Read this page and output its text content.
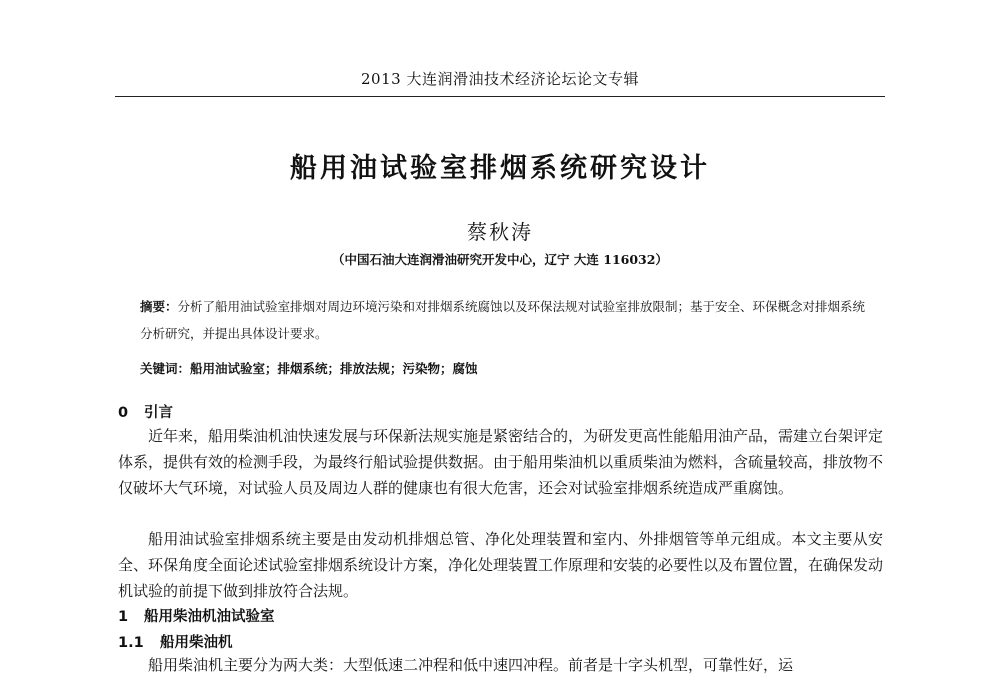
2013 大连润滑油技术经济论坛论文专辑
船用油试验室排烟系统研究设计
蔡秋涛
（中国石油大连润滑油研究开发中心，辽宁 大连 116032）
摘要：分析了船用油试验室排烟对周边环境污染和对排烟系统腐蚀以及环保法规对试验室排放限制；基于安全、环保概念对排烟系统分析研究，并提出具体设计要求。
关键词：船用油试验室；排烟系统；排放法规；污染物；腐蚀
0 引言
近年来，船用柴油机油快速发展与环保新法规实施是紧密结合的，为研发更高性能船用油产品，需建立台架评定体系，提供有效的检测手段，为最终行船试验提供数据。由于船用柴油机以重质柴油为燃料，含硫量较高，排放物不仅破坏大气环境，对试验人员及周边人群的健康也有很大危害，还会对试验室排烟系统造成严重腐蚀。
船用油试验室排烟系统主要是由发动机排烟总管、净化处理装置和室内、外排烟管等单元组成。本文主要从安全、环保角度全面论述试验室排烟系统设计方案，净化处理装置工作原理和安装的必要性以及布置位置，在确保发动机试验的前提下做到排放符合法规。
1 船用柴油机油试验室
1.1 船用柴油机
船用柴油机主要分为两大类：大型低速二冲程和低中速四冲程。前者是十字头机型，可靠性好，运
